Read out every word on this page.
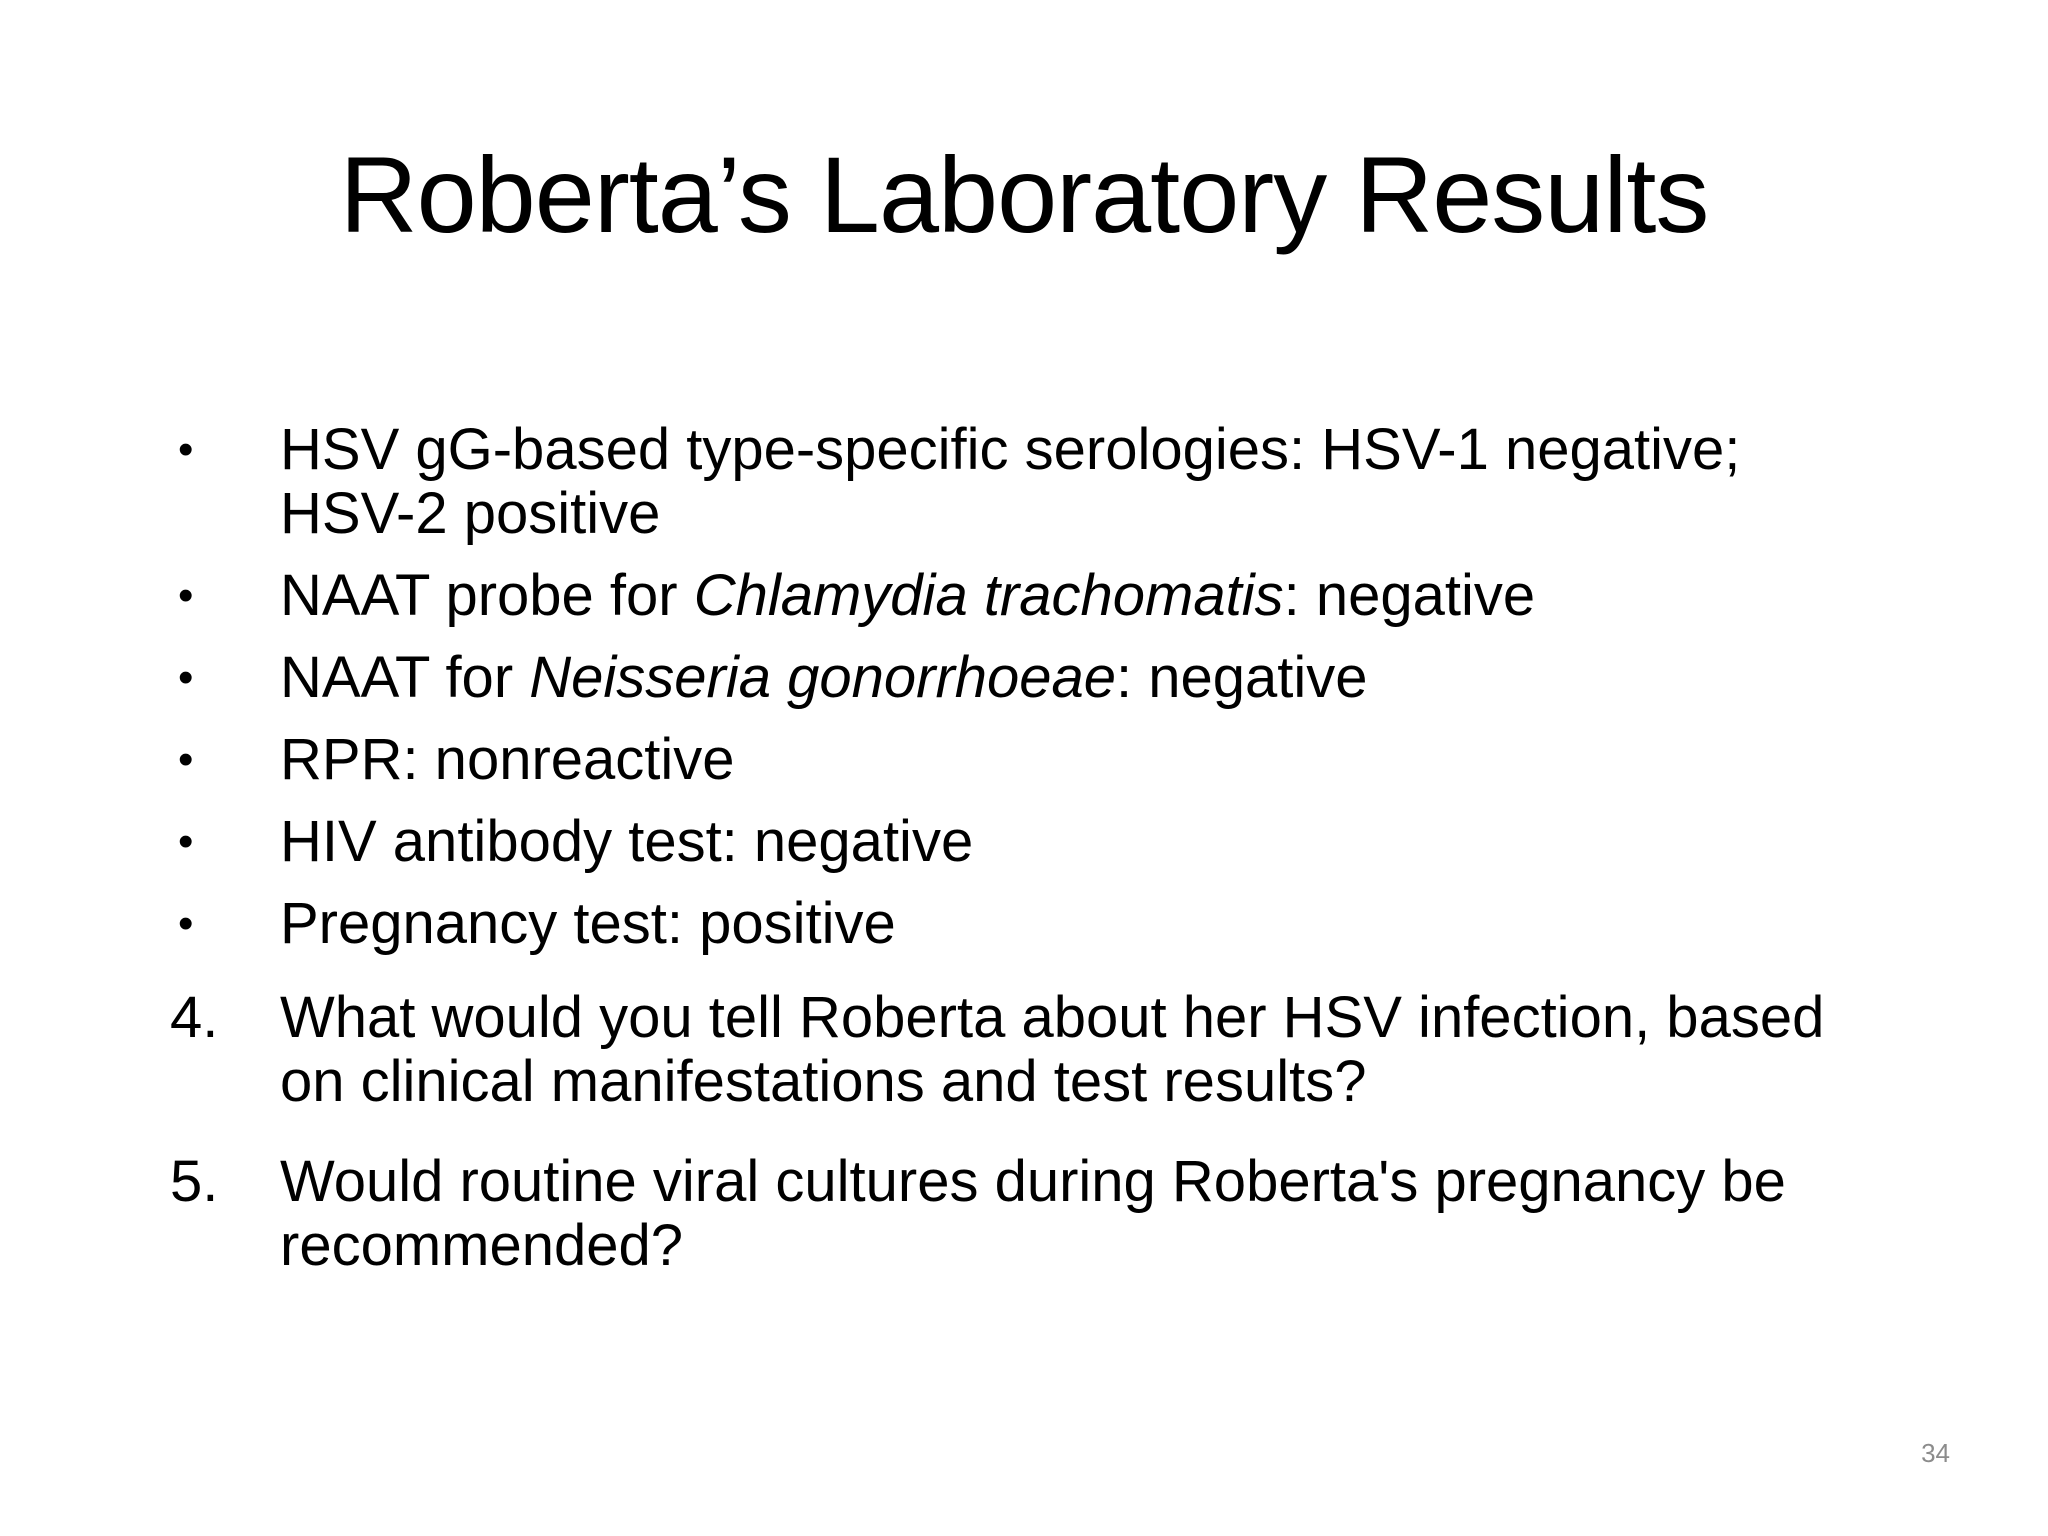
Roberta’s Laboratory Results
•	HSV gG-based type-specific serologies: HSV-1 negative; HSV-2 positive
•	NAAT probe for Chlamydia trachomatis: negative
•	NAAT for Neisseria gonorrhoeae: negative
•	RPR: nonreactive
•	HIV antibody test: negative
•	Pregnancy test: positive
4.	What would you tell Roberta about her HSV infection, based on clinical manifestations and test results?
5.	Would routine viral cultures during Roberta's pregnancy be recommended?
34
